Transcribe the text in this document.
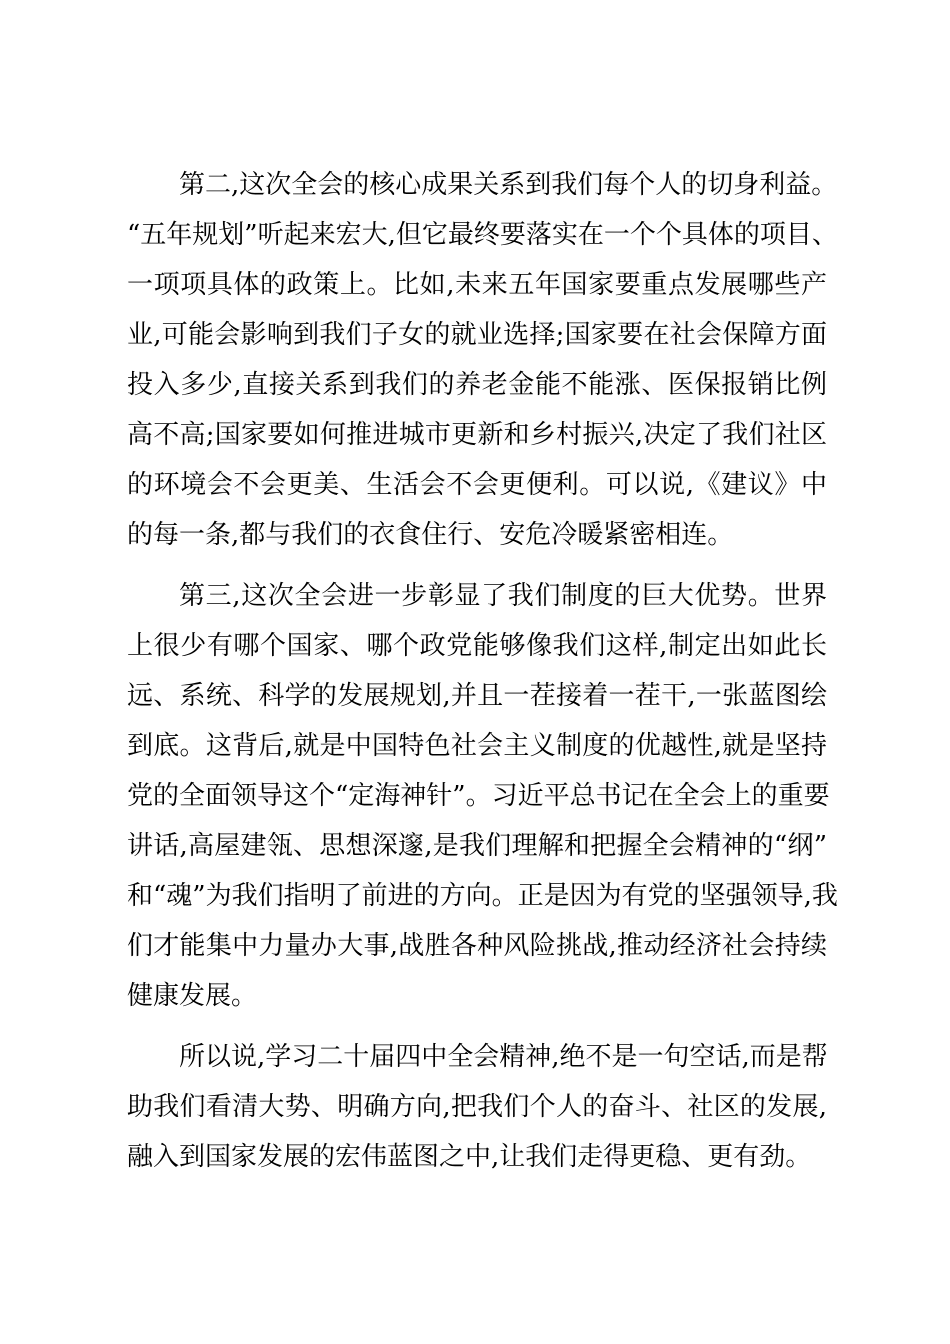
第二,这次全会的核心成果关系到我们每个人的切身利益。
“五年规划”听起来宏大,但它最终要落实在一个个具体的项目、
一项项具体的政策上。比如,未来五年国家要重点发展哪些产
业,可能会影响到我们子女的就业选择;国家要在社会保障方面
投入多少,直接关系到我们的养老金能不能涨、医保报销比例
高不高;国家要如何推进城市更新和乡村振兴,决定了我们社区
的环境会不会更美、生活会不会更便利。可以说,《建议》中
的每一条,都与我们的衣食住行、安危冷暖紧密相连。

第三,这次全会进一步彰显了我们制度的巨大优势。世界
上很少有哪个国家、哪个政党能够像我们这样,制定出如此长
远、系统、科学的发展规划,并且一茬接着一茬干,一张蓝图绘
到底。这背后,就是中国特色社会主义制度的优越性,就是坚持
党的全面领导这个“定海神针”。习近平总书记在全会上的重要
讲话,高屋建瓴、思想深邃,是我们理解和把握全会精神的“纲”
和“魂”为我们指明了前进的方向。正是因为有党的坚强领导,我
们才能集中力量办大事,战胜各种风险挑战,推动经济社会持续
健康发展。

所以说,学习二十届四中全会精神,绝不是一句空话,而是帮
助我们看清大势、明确方向,把我们个人的奋斗、社区的发展,
融入到国家发展的宏伟蓝图之中,让我们走得更稳、更有劲。
